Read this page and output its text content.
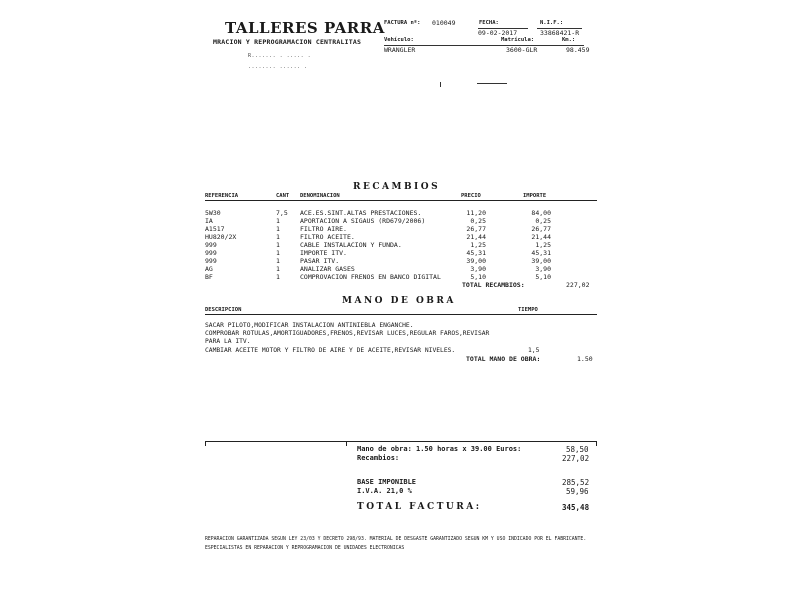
TALLERES PARRA
MRACION Y REPROGRAMACION CENTRALITAS
R....... . ..... .
........ ...... .
FACTURA nº: 010049	FECHA:
09-02-2017
N.I.F.:
33868421-R
Vehículo:
WRANGLER
Matrícula:
3600-GLR
Km.:
98.459
RECAMBIOS
REFERENCIA	CANT DENOMINACION	PRECIO	IMPORTE
5W30	7,5 ACE.ES.SINT.ALTAS PRESTACIONES.	11,20	84,00
IA	1	APORTACION A SIGAUS (RD679/2006)	0,25	0,25
A1517	1	FILTRO AIRE.	26,77	26,77
HU820/2X	1	FILTRO ACEITE.	21,44	21,44
999	1	CABLE INSTALACION Y FUNDA.	1,25	1,25
999	1	IMPORTE ITV.	45,31	45,31
999	1	PASAR ITV.	39,00	39,00
AG	1	ANALIZAR GASES	3,90	3,90
BF	1	COMPROVACION FRENOS EN BANCO DIGITAL	5,10	5,10
TOTAL RECAMBIOS:	227,02
MANO DE OBRA
DESCRIPCION	TIEMPO
SACAR PILOTO,MODIFICAR INSTALACION ANTINIEBLA ENGANCHE.
COMPROBAR ROTULAS,AMORTIGUADORES,FRENOS,REVISAR LUCES,REGULAR FAROS,REVISAR
PARA LA ITV.
CAMBIAR ACEITE MOTOR Y FILTRO DE AIRE Y DE ACEITE,REVISAR NIVELES.	1,5
TOTAL MANO DE OBRA:	1.50
Mano de obra: 1.50 horas x 39.00 Euros:	58,50
Recambios:	227,02
BASE IMPONIBLE	285,52
I.V.A. 21,0 %	59,96
TOTAL FACTURA:	345,48
REPARACION GARANTIZADA SEGUN LEY 23/03 Y DECRETO 298/93. MATERIAL DE DESGASTE GARANTIZADO SEGUN KM Y USO INDICADO POR EL FABRICANTE.
ESPECIALISTAS EN REPARACION Y REPROGRAMACION DE UNIDADES ELECTRONICAS
